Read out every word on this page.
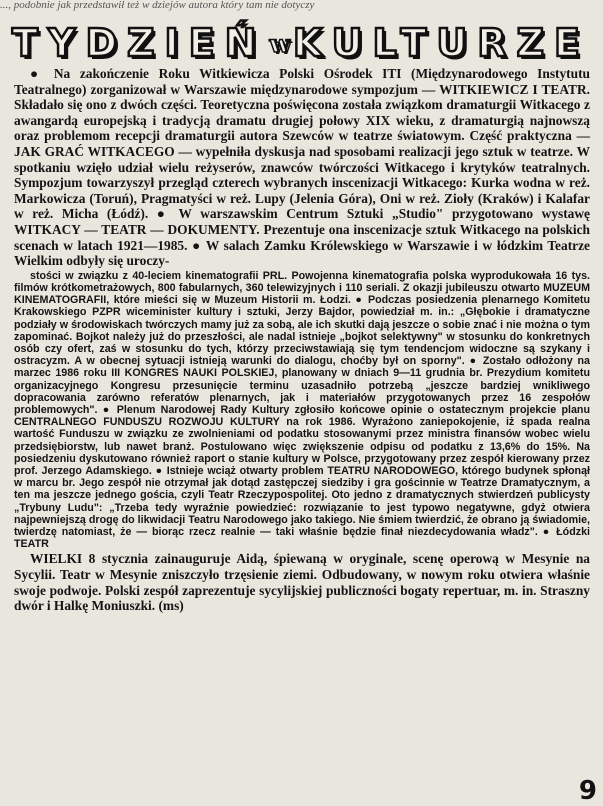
..., podobnie jak przedstawił też w dziejów autora który tam nie dotyczy
TYDZIEŃ w KULTURZE

● Na zakończenie Roku Witkiewicza Polski Ośrodek ITI (Międzynarodowego Instytutu Teatralnego) zorganizował w Warszawie międzynarodowe sympozjum — WITKIEWICZ I TEATR. Składało się ono z dwóch części. Teoretyczna poświęcona została związkom dramaturgii Witkacego z awangardą europejską i tradycją dramatu drugiej połowy XIX wieku, z dramaturgią najnowszą oraz problemom recepcji dramaturgii autora Szewców w teatrze światowym. Część praktyczna — JAK GRAĆ WITKACEGO — wypełniła dyskusja nad sposobami realizacji jego sztuk w teatrze. W spotkaniu wzięło udział wielu reżyserów, znawców twórczości Witkacego i krytyków teatralnych. Sympozjum towarzyszył przegląd czterech wybranych inscenizacji Witkacego: Kurka wodna w reż. Markowicza (Toruń), Pragmatyści w reż. Lupy (Jelenia Góra), Oni w reż. Zioły (Kraków) i Kalafar w reż. Micha (Łódź). ● W warszawskim Centrum Sztuki „Studio" przygotowano wystawę WITKACY — TEATR — DOKUMENTY. Prezentuje ona inscenizacje sztuk Witkacego na polskich scenach w latach 1921—1985. ● W salach Zamku Królewskiego w Warszawie i w łódzkim Teatrze Wielkim odbyły się uroczy-

stości w związku z 40-leciem kinematografii PRL. Powojenna kinematografia polska wyprodukowała 16 tys. filmów krótkometrażowych, 800 fabularnych, 360 telewizyjnych i 110 seriali. Z okazji jubileuszu otwarto MUZEUM KINEMATOGRAFII, które mieści się w Muzeum Historii m. Łodzi. ● Podczas posiedzenia plenarnego Komitetu Krakowskiego PZPR wiceminister kultury i sztuki, Jerzy Bajdor, powiedział m. in.: „Głębokie i dramatyczne podziały w środowiskach twórczych mamy już za sobą, ale ich skutki dają jeszcze o sobie znać i nie można o tym zapominać. Bojkot należy już do przeszłości, ale nadal istnieje „bojkot selektywny" w stosunku do konkretnych osób czy ofert, zaś w stosunku do tych, którzy przeciwstawiają się tym tendencjom widoczne są szykany i ostracyzm. A w obecnej sytuacji istnieją warunki do dialogu, choćby był on sporny". ● Zostało odłożony na marzec 1986 roku III KONGRES NAUKI POLSKIEJ, planowany w dniach 9—11 grudnia br. Prezydium komitetu organizacyjnego Kongresu przesunięcie terminu uzasadniło potrzebą „jeszcze bardziej wnikliwego dopracowania zarówno referatów plenarnych, jak i materiałów przygotowanych przez 16 zespołów problemowych". ● Plenum Narodowej Rady Kultury zgłosiło końcowe opinie o ostatecznym projekcie planu CENTRALNEGO FUNDUSZU ROZWOJU KULTURY na rok 1986. Wyrażono zaniepokojenie, iż spada realna wartość Funduszu w związku ze zwolnieniami od podatku stosowanymi przez ministra finansów wobec wielu przedsiębiorstw, lub nawet branż. Postulowano więc zwiększenie odpisu od podatku z 13,6% do 15%. Na posiedzeniu dyskutowano również raport o stanie kultury w Polsce, przygotowany przez zespół kierowany przez prof. Jerzego Adamskiego. ● Istnieje wciąż otwarty problem TEATRU NARODOWEGO, którego budynek spłonął w marcu br. Jego zespół nie otrzymał jak dotąd zastępczej siedziby i gra gościnnie w Teatrze Dramatycznym, a ten ma jeszcze jednego gościa, czyli Teatr Rzeczypospolitej. Oto jedno z dramatycznych stwierdzeń publicysty „Trybuny Ludu": „Trzeba tedy wyraźnie powiedzieć: rozwiązanie to jest typowo negatywne, gdyż otwiera najpewniejszą drogę do likwidacji Teatru Narodowego jako takiego. Nie śmiem twierdzić, że obrano ją świadomie, twierdzę natomiast, że — biorąc rzecz realnie — taki właśnie będzie finał niezdecydowania władz". ● Łódzki TEATR

WIELKI 8 stycznia zainauguruje Aidą, śpiewaną w oryginale, scenę operową w Mesynie na Sycylii. Teatr w Mesynie zniszczyło trzęsienie ziemi. Odbudowany, w nowym roku otwiera właśnie swoje podwoje. Polski zespół zaprezentuje sycylijskiej publiczności bogaty repertuar, m. in. Straszny dwór i Halkę Moniuszki. (ms)

9
